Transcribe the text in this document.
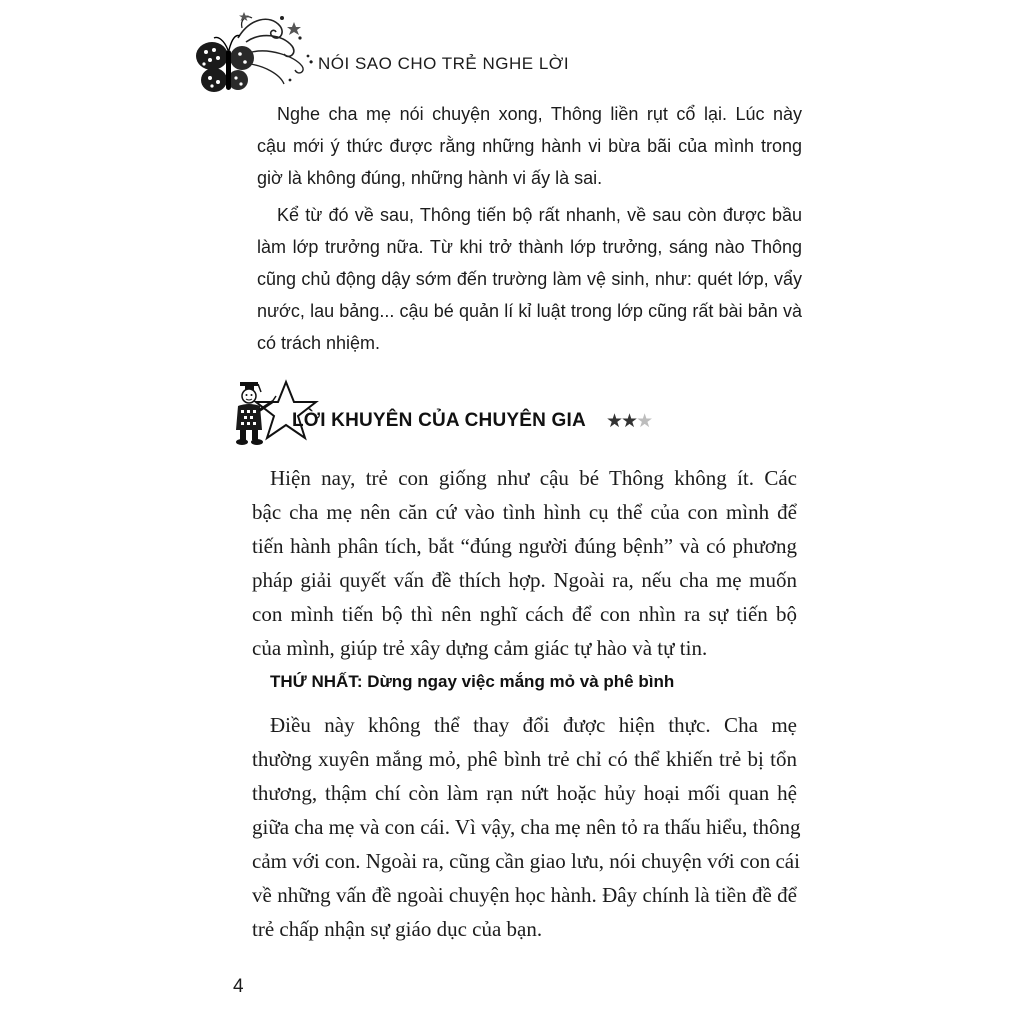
• NÓI SAO CHO TRẺ NGHE LỜI
Nghe cha mẹ nói chuyện xong, Thông liền rụt cổ lại. Lúc này
cậu mới ý thức được rằng những hành vi bừa bãi của mình trong
giờ là không đúng, những hành vi ấy là sai.
Kể từ đó về sau, Thông tiến bộ rất nhanh, về sau còn được bầu
làm lớp trưởng nữa. Từ khi trở thành lớp trưởng, sáng nào Thông
cũng chủ động dậy sớm đến trường làm vệ sinh, như: quét lớp, vẩy
nước, lau bảng... cậu bé quản lí kỉ luật trong lớp cũng rất bài bản và
có trách nhiệm.
LỜI KHUYÊN CỦA CHUYÊN GIA ★★★
Hiện nay, trẻ con giống như cậu bé Thông không ít. Các
bậc cha mẹ nên căn cứ vào tình hình cụ thể của con mình để
tiến hành phân tích, bắt “đúng người đúng bệnh” và có phương
pháp giải quyết vấn đề thích hợp. Ngoài ra, nếu cha mẹ muốn
con mình tiến bộ thì nên nghĩ cách để con nhìn ra sự tiến bộ
của mình, giúp trẻ xây dựng cảm giác tự hào và tự tin.
THỨ NHẤT: Dừng ngay việc mắng mỏ và phê bình
Điều này không thể thay đổi được hiện thực. Cha mẹ
thường xuyên mắng mỏ, phê bình trẻ chỉ có thể khiến trẻ bị tổn
thương, thậm chí còn làm rạn nứt hoặc hủy hoại mối quan hệ
giữa cha mẹ và con cái. Vì vậy, cha mẹ nên tỏ ra thấu hiểu, thông
cảm với con. Ngoài ra, cũng cần giao lưu, nói chuyện với con cái
về những vấn đề ngoài chuyện học hành. Đây chính là tiền đề để
trẻ chấp nhận sự giáo dục của bạn.
4
